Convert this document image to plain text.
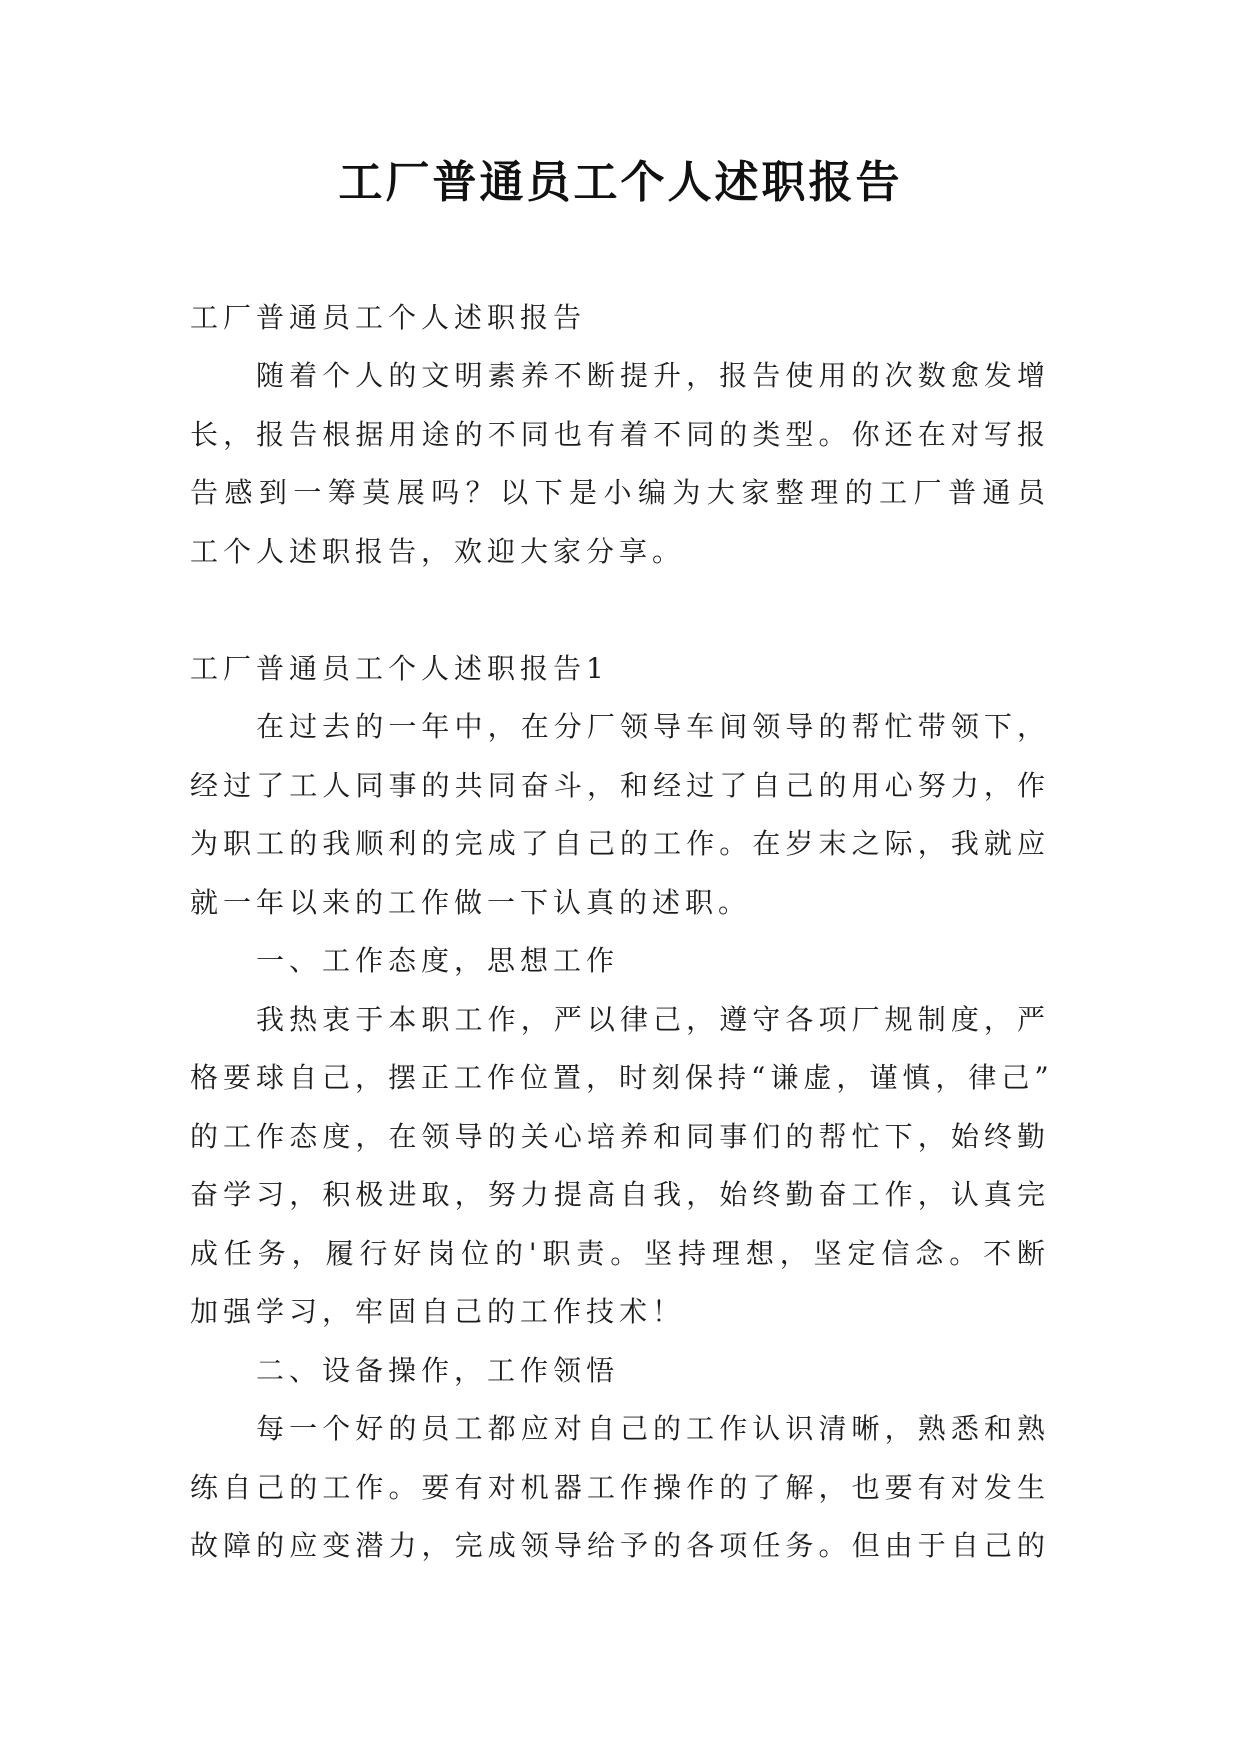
工厂普通员工个人述职报告
工厂普通员工个人述职报告
随着个人的文明素养不断提升，报告使用的次数愈发增
长，报告根据用途的不同也有着不同的类型。你还在对写报
告感到一筹莫展吗？以下是小编为大家整理的工厂普通员
工个人述职报告，欢迎大家分享。
工厂普通员工个人述职报告1
在过去的一年中，在分厂领导车间领导的帮忙带领下，
经过了工人同事的共同奋斗，和经过了自己的用心努力，作
为职工的我顺利的完成了自己的工作。在岁末之际，我就应
就一年以来的工作做一下认真的述职。
一、工作态度，思想工作
我热衷于本职工作，严以律己，遵守各项厂规制度，严
格要球自己，摆正工作位置，时刻保持“谦虚，谨慎，律己”
的工作态度，在领导的关心培养和同事们的帮忙下，始终勤
奋学习，积极进取，努力提高自我，始终勤奋工作，认真完
成任务，履行好岗位的'职责。坚持理想，坚定信念。不断
加强学习，牢固自己的工作技术！
二、设备操作，工作领悟
每一个好的员工都应对自己的工作认识清晰，熟悉和熟
练自己的工作。要有对机器工作操作的了解，也要有对发生
故障的应变潜力，完成领导给予的各项任务。但由于自己的
